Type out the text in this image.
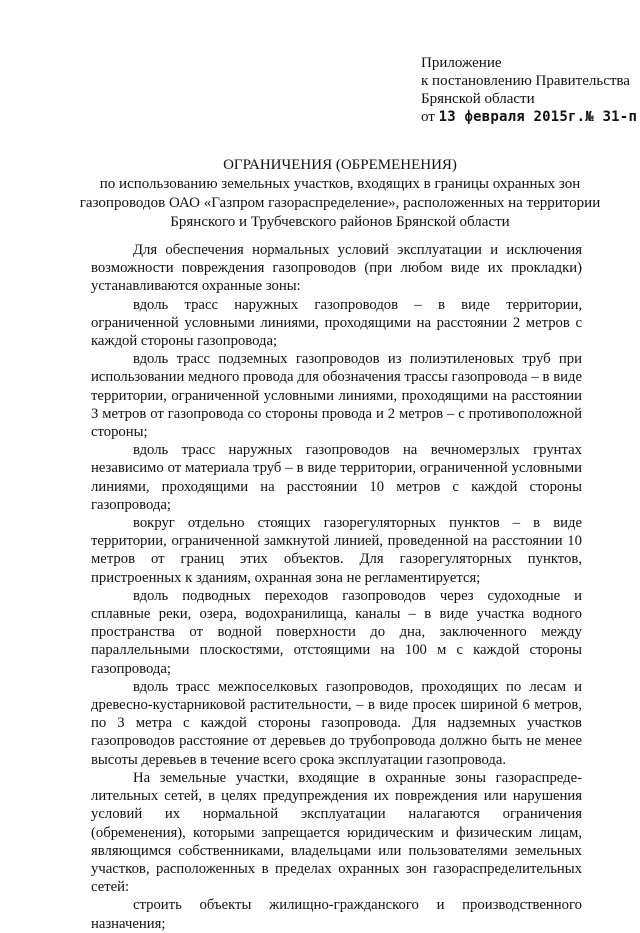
Приложение
к постановлению Правительства
Брянской области
от 13 февраля 2015г.№ 31-п
ОГРАНИЧЕНИЯ (ОБРЕМЕНЕНИЯ)
по использованию земельных участков, входящих в границы охранных зон газопроводов ОАО «Газпром газораспределение», расположенных на территории Брянского и Трубчевского районов Брянской области

Для обеспечения нормальных условий эксплуатации и исключения возможности повреждения газопроводов (при любом виде их прокладки) устанавливаются охранные зоны:

вдоль трасс наружных газопроводов – в виде территории, ограниченной условными линиями, проходящими на расстоянии 2 метров с каждой стороны газопровода;

вдоль трасс подземных газопроводов из полиэтиленовых труб при использовании медного провода для обозначения трассы газопровода – в виде территории, ограниченной условными линиями, проходящими на расстоянии 3 метров от газопровода со стороны провода и 2 метров – с противоположной стороны;

вдоль трасс наружных газопроводов на вечномерзлых грунтах независимо от материала труб – в виде территории, ограниченной условными линиями, проходящими на расстоянии 10 метров с каждой стороны газопровода;

вокруг отдельно стоящих газорегуляторных пунктов – в виде территории, ограниченной замкнутой линией, проведенной на расстоянии 10 метров от границ этих объектов. Для газорегуляторных пунктов, пристроенных к зданиям, охранная зона не регламентируется;

вдоль подводных переходов газопроводов через судоходные и сплавные реки, озера, водохранилища, каналы – в виде участка водного пространства от водной поверхности до дна, заключенного между параллельными плоскостями, отстоящими на 100 м с каждой стороны газопровода;

вдоль трасс межпоселковых газопроводов, проходящих по лесам и древесно-кустарниковой растительности, – в виде просек шириной 6 метров, по 3 метра с каждой стороны газопровода. Для надземных участков газопроводов расстояние от деревьев до трубопровода должно быть не менее высоты деревьев в течение всего срока эксплуатации газопровода.

На земельные участки, входящие в охранные зоны газораспреде-лительных сетей, в целях предупреждения их повреждения или нарушения условий их нормальной эксплуатации налагаются ограничения (обременения), которыми запрещается юридическим и физическим лицам, являющимся собственниками, владельцами или пользователями земельных участков, расположенных в пределах охранных зон газораспределительных сетей:

строить объекты жилищно-гражданского и производственного

назначения;
